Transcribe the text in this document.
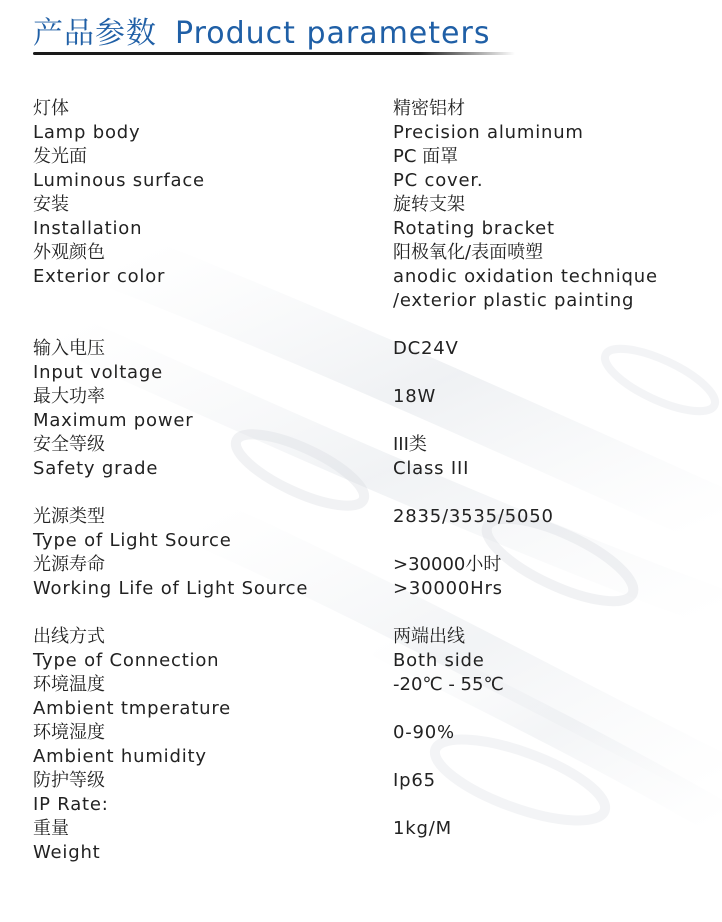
产品参数 Product parameters
灯体
Lamp body
精密铝材
Precision aluminum
发光面
Luminous surface
PC 面罩
PC cover.
安装
Installation
旋转支架
Rotating bracket
外观颜色
Exterior color
阳极氧化/表面喷塑
anodic oxidation technique
/exterior plastic painting
输入电压
Input voltage
DC24V
最大功率
Maximum power
18W
安全等级
Safety grade
III类
Class III
光源类型
Type of Light Source
2835/3535/5050
光源寿命
Working Life of Light Source
>30000小时
>30000Hrs
出线方式
Type of Connection
两端出线
Both side
环境温度
Ambient tmperature
-20℃ - 55℃
环境湿度
Ambient humidity
0-90%
防护等级
IP Rate:
Ip65
重量
Weight
1kg/M
